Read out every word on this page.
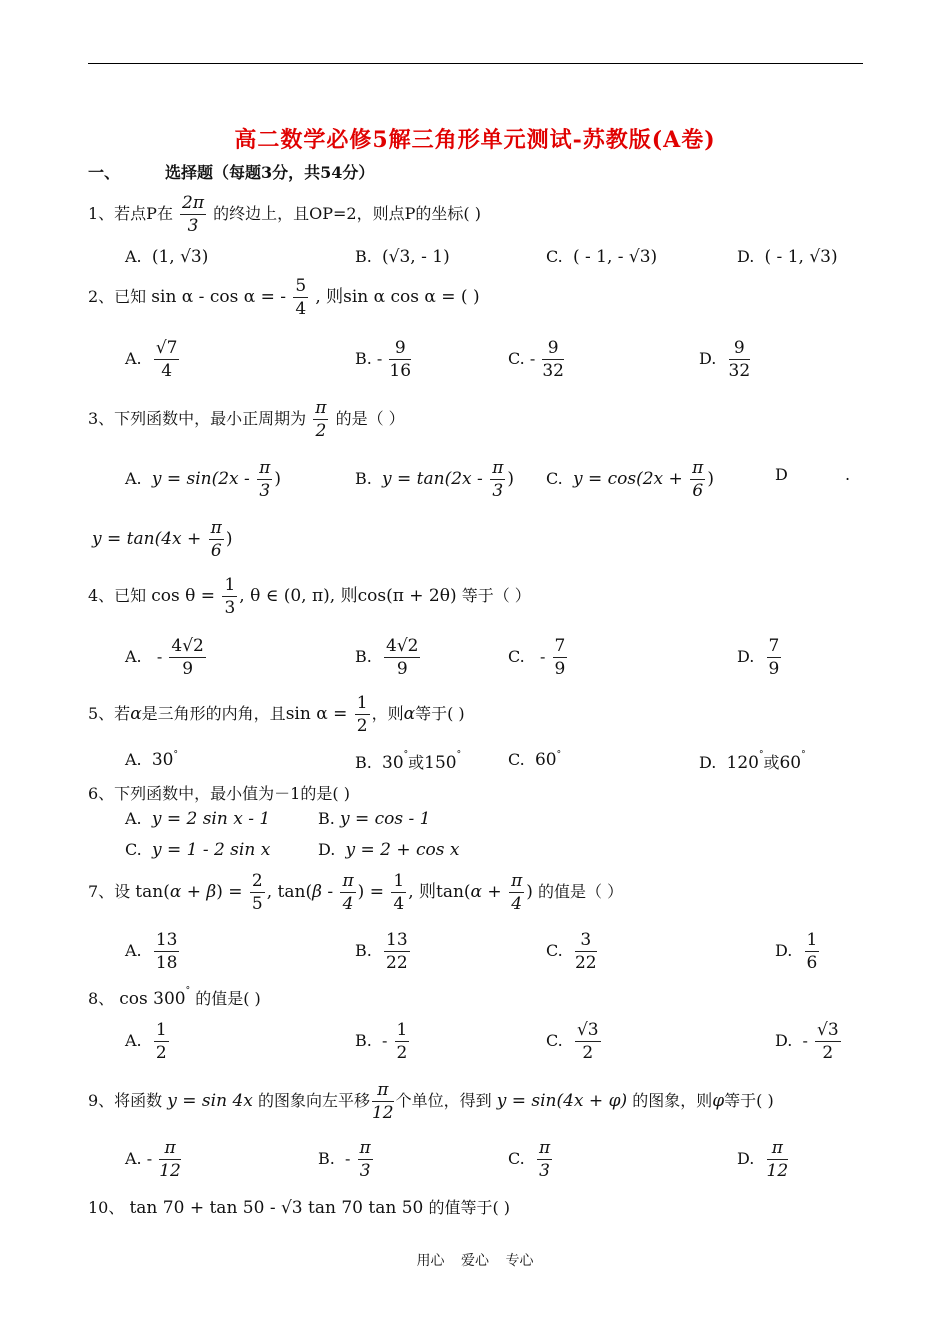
高二数学必修5解三角形单元测试-苏教版(A卷)
一、	选择题（每题3分，共54分）
1、若点P在 $\frac{2\pi}{3}$ 的终边上，且OP=2，则点P的坐标( )
A. (1, √3)	B. (√3, - 1)	C. ( - 1, - √3)	D. ( - 1, √3)
2、已知 sin α - cos α = - $\frac{5}{4}$ , 则sin α cos α = ( )
A. $\frac{√7}{4}$	B. - $\frac{9}{16}$	C. - $\frac{9}{32}$	D. $\frac{9}{32}$
3、下列函数中，最小正周期为 $\frac{\pi}{2}$ 的是（ ）
A.  $y = \sin(2x - \frac{\pi}{3}$ )	B.  $y = \tan(2x - \frac{\pi}{3}$ ) C.  $y = \cos(2x + \frac{\pi}{6}$ )	D	.
$y = \tan(4x + \frac{\pi}{6}$ )
4、已知 $\cos \theta = \frac{1}{3}$ , θ ∈ (0, π), 则cos(π + 2θ) 等于（ ）
A.   - $\frac{4√2}{9}$	B. $\frac{4√2}{9}$	C.   - $\frac{7}{9}$	D. $\frac{7}{9}$
5、若α是三角形的内角，且$\sin \alpha = \frac{1}{2}$ ，则α等于( )
A.  30°	B.  30°或150°	C.  60°	D.  120°或60°
6、下列函数中，最小值为－1的是( )
A.  y = 2 sin x - 1	B. y = cos - 1
C.  y = 1 - 2 sin x	D.  y = 2 + cos x
7、设 $\tan(\alpha + \beta) = \frac{2}{5}$ , $\tan(\beta - \frac{\pi}{4}$ ) = $\frac{1}{4}$ , 则$\tan(\alpha + \frac{\pi}{4}$ ) 的值是（ ）
A. $\frac{13}{18}$	B. $\frac{13}{22}$	C. $\frac{3}{22}$	D. $\frac{1}{6}$
8、 cos 300° 的值是( )
A. $\frac{1}{2}$	B.  - $\frac{1}{2}$	C. $\frac{√3}{2}$	D.  - $\frac{√3}{2}$
9、将函数 y = sin 4x 的图象向左平移 $\frac{\pi}{12}$ 个单位，得到 y = sin(4x + φ) 的图象，则φ等于( )
A. - $\frac{\pi}{12}$	B.  - $\frac{\pi}{3}$	C. $\frac{\pi}{3}$	D. $\frac{\pi}{12}$
10、 tan 70 + tan 50 - √3 tan 70 tan 50 的值等于( )
用心 爱心 专心
